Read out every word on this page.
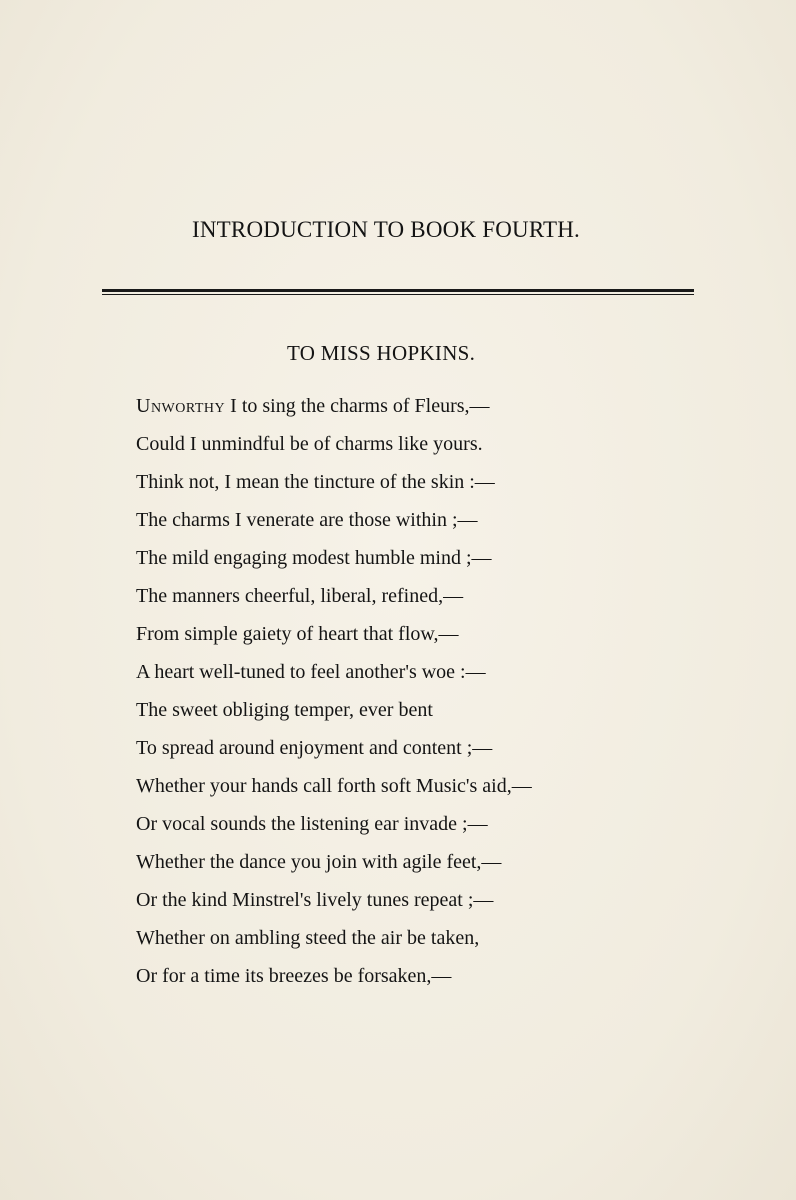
INTRODUCTION TO BOOK FOURTH.
TO MISS HOPKINS.
Unworthy I to sing the charms of Fleurs,—
Could I unmindful be of charms like yours.
Think not, I mean the tincture of the skin :—
The charms I venerate are those within ;—
The mild engaging modest humble mind ;—
The manners cheerful, liberal, refined,—
From simple gaiety of heart that flow,—
A heart well-tuned to feel another's woe :—
The sweet obliging temper, ever bent
To spread around enjoyment and content ;—
Whether your hands call forth soft Music's aid,—
Or vocal sounds the listening ear invade ;—
Whether the dance you join with agile feet,—
Or the kind Minstrel's lively tunes repeat ;—
Whether on ambling steed the air be taken,
Or for a time its breezes be forsaken,—
